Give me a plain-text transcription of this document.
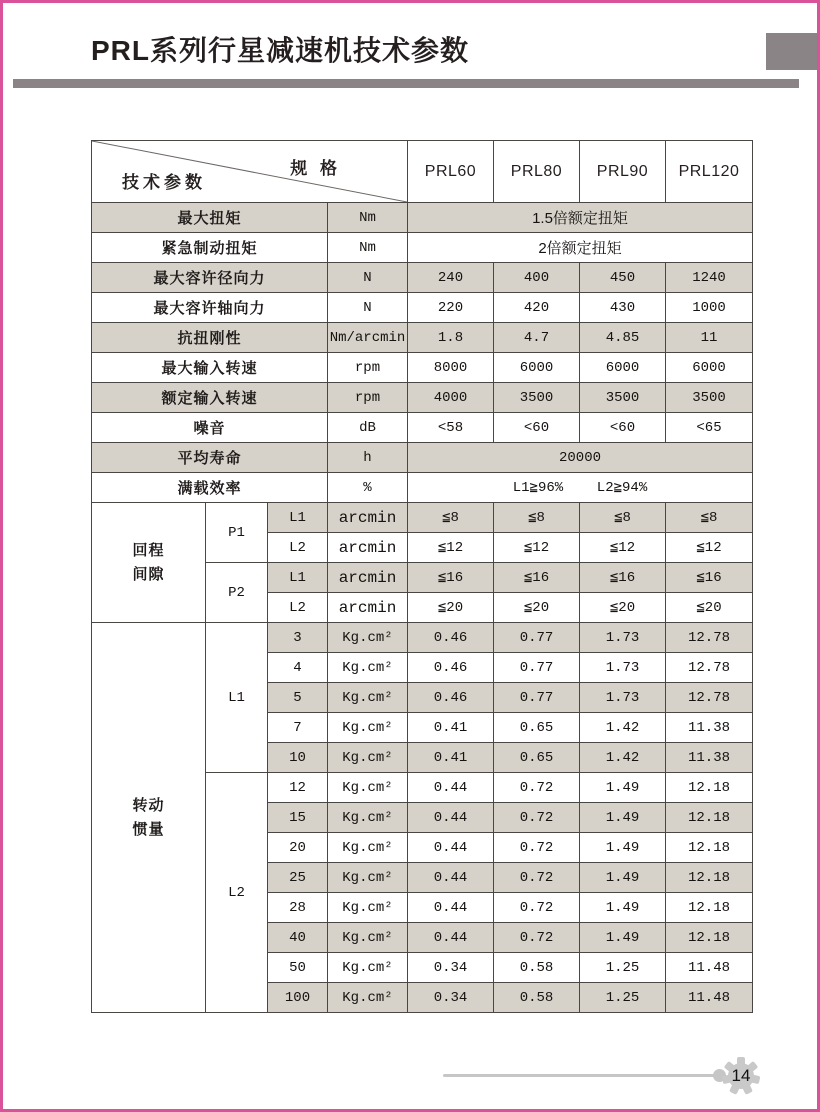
PRL系列行星减速机技术参数
规 格
技术参数				PRL60	PRL80	PRL90	PRL120
最大扭矩			Nm	1.5倍额定扭矩			
紧急制动扭矩			Nm	2倍额定扭矩			
最大容许径向力			N	240	400	450	1240
最大容许轴向力			N	220	420	430	1000
抗扭刚性			Nm/arcmin	1.8	4.7	4.85	11
最大输入转速			rpm	8000	6000	6000	6000
额定输入转速			rpm	4000	3500	3500	3500
噪音			dB	<58	<60	<60	<65
平均寿命			h	20000			
满载效率			%	L1≧96%    L2≧94%			
回程
间隙	P1	L1	arcmin	≦8	≦8	≦8	≦8
		L2	arcmin	≦12	≦12	≦12	≦12
	P2	L1	arcmin	≦16	≦16	≦16	≦16
		L2	arcmin	≦20	≦20	≦20	≦20
转动
惯量	L1	3	Kg.cm²	0.46	0.77	1.73	12.78
		4	Kg.cm²	0.46	0.77	1.73	12.78
		5	Kg.cm²	0.46	0.77	1.73	12.78
		7	Kg.cm²	0.41	0.65	1.42	11.38
		10	Kg.cm²	0.41	0.65	1.42	11.38
	L2	12	Kg.cm²	0.44	0.72	1.49	12.18
		15	Kg.cm²	0.44	0.72	1.49	12.18
		20	Kg.cm²	0.44	0.72	1.49	12.18
		25	Kg.cm²	0.44	0.72	1.49	12.18
		28	Kg.cm²	0.44	0.72	1.49	12.18
		40	Kg.cm²	0.44	0.72	1.49	12.18
		50	Kg.cm²	0.34	0.58	1.25	11.48
		100	Kg.cm²	0.34	0.58	1.25	11.48
14
